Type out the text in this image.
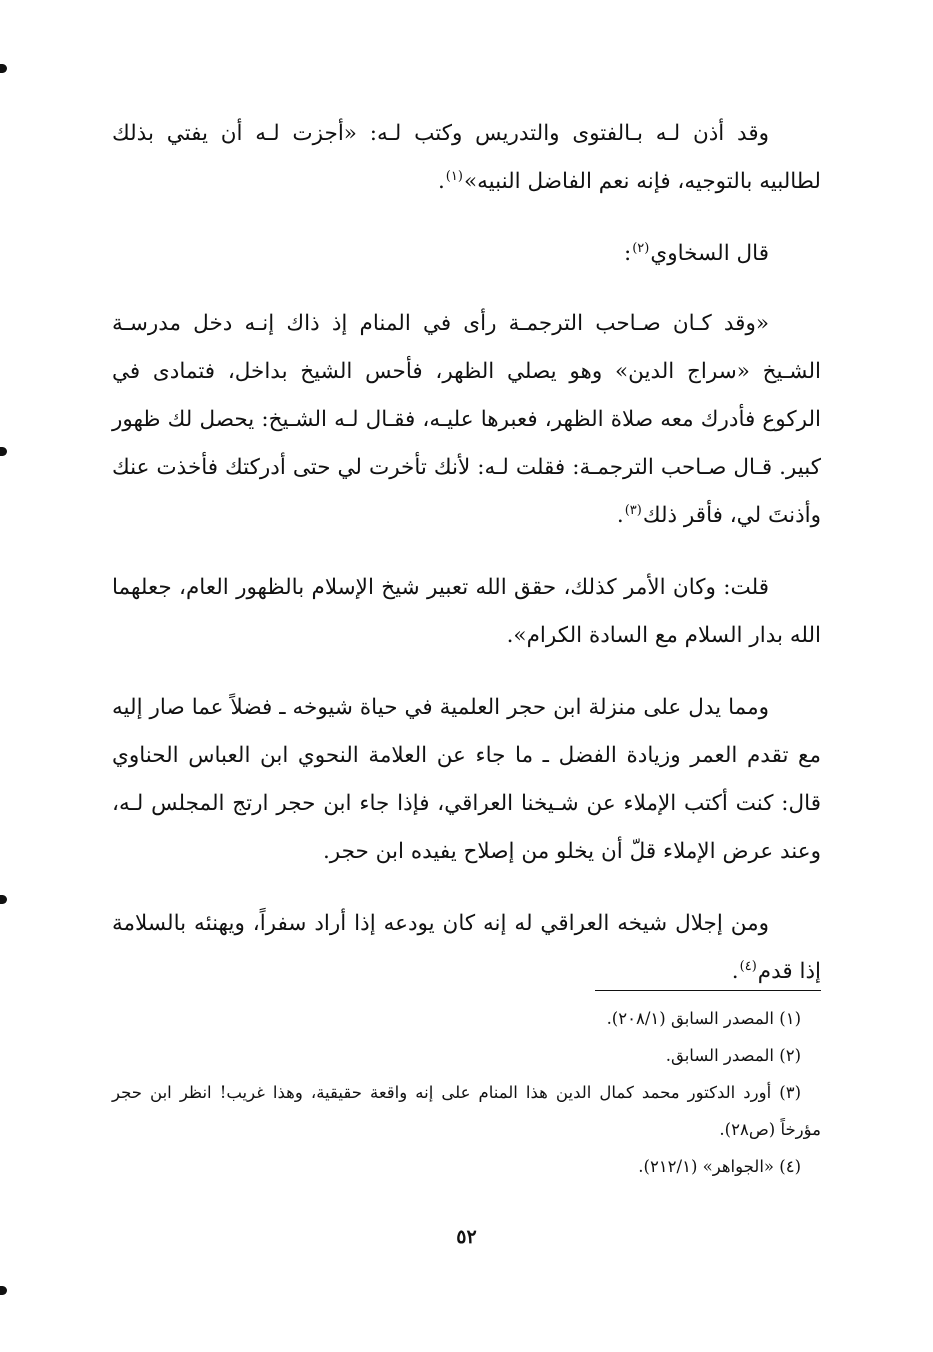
وقد أذن لـه بـالفتوى والتدريس وكتب لـه: «أجزت لـه أن يفتي بذلك لطالبيه بالتوجيه، فإنه نعم الفاضل النبيه»$^{(١)}$.

قال السخاوي$^{(٢)}$:

«وقد كـان صـاحب الترجمـة رأى في المنام إذ ذاك إنـه دخل مدرسـة الشـيخ «سراج الدين» وهو يصلي الظهر، فأحس الشيخ بداخل، فتمادى في الركوع فأدرك معه صلاة الظهر، فعبرها عليـه، فقـال لـه الشـيخ: يحصل لك ظهور كبير. قـال صـاحب الترجمـة: فقلت لـه: لأنك تأخرت لي حتى أدركتك فأخذت عنك وأذنتَ لي، فأقر ذلك$^{(٣)}$.

قلت: وكان الأمر كذلك، حقق الله تعبير شيخ الإسلام بالظهور العام، جعلهما الله بدار السلام مع السادة الكرام».

ومما يدل على منزلة ابن حجر العلمية في حياة شيوخه ـ فضلاً عما صار إليه مع تقدم العمر وزيادة الفضل ـ ما جاء عن العلامة النحوي ابن العباس الحناوي قال: كنت أكتب الإملاء عن شـيخنا العراقي، فإذا جاء ابن حجر ارتج المجلس لـه، وعند عرض الإملاء قلّ أن يخلو من إصلاح يفيده ابن حجر.

ومن إجلال شيخه العراقي له إنه كان يودعه إذا أراد سفراً، ويهنئه بالسلامة إذا قدم$^{(٤)}$.

(١) المصدر السابق (٢٠٨/١).

(٢) المصدر السابق.

(٣) أورد الدكتور محمد كمال الدين هذا المنام على إنه واقعة حقيقية، وهذا غريب! انظر ابن حجر مؤرخاً (ص٢٨).

(٤) «الجواهر» (٢١٢/١).

٥٢
